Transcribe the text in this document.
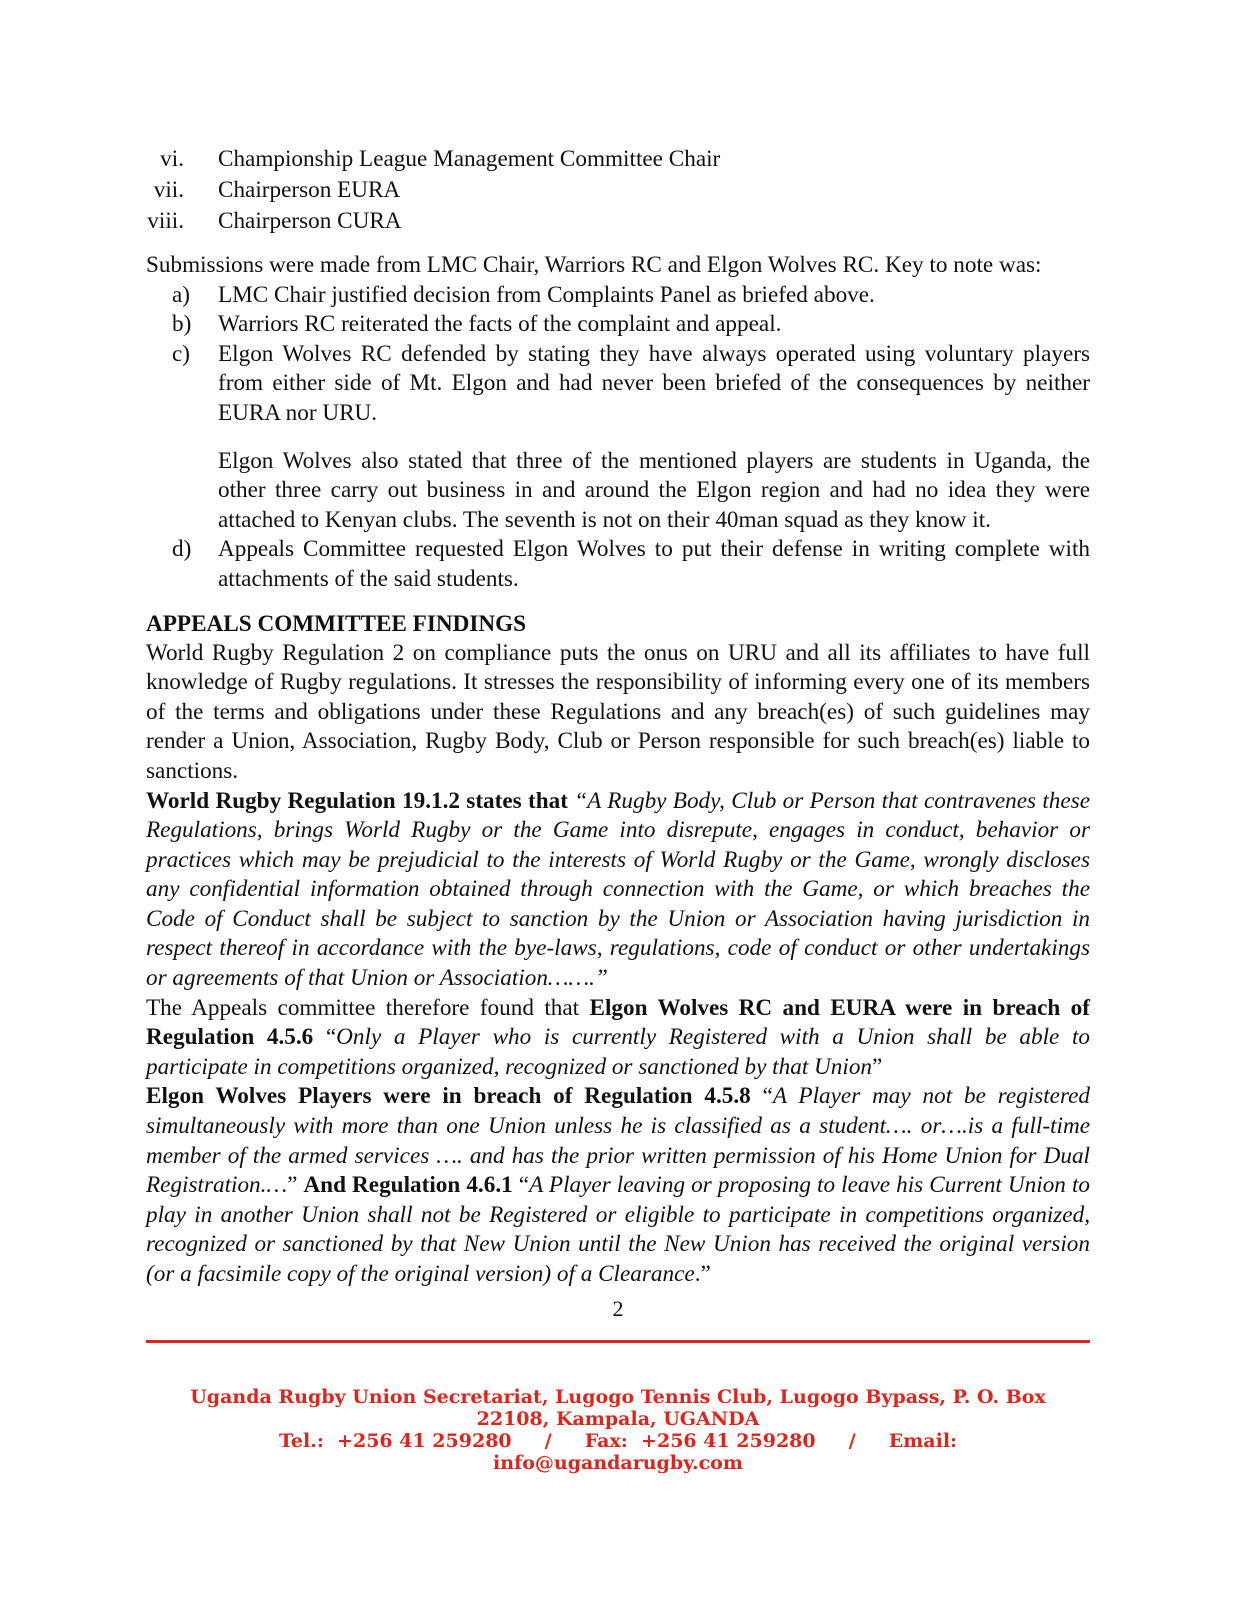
vi. Championship League Management Committee Chair
vii. Chairperson EURA
viii. Chairperson CURA

Submissions were made from LMC Chair, Warriors RC and Elgon Wolves RC. Key to note was:

a) LMC Chair justified decision from Complaints Panel as briefed above.
b) Warriors RC reiterated the facts of the complaint and appeal.
c) Elgon Wolves RC defended by stating they have always operated using voluntary players from either side of Mt. Elgon and had never been briefed of the consequences by neither EURA nor URU.
Elgon Wolves also stated that three of the mentioned players are students in Uganda, the other three carry out business in and around the Elgon region and had no idea they were attached to Kenyan clubs. The seventh is not on their 40man squad as they know it.
d) Appeals Committee requested Elgon Wolves to put their defense in writing complete with attachments of the said students.
APPEALS COMMITTEE FINDINGS

World Rugby Regulation 2 on compliance puts the onus on URU and all its affiliates to have full knowledge of Rugby regulations. It stresses the responsibility of informing every one of its members of the terms and obligations under these Regulations and any breach(es) of such guidelines may render a Union, Association, Rugby Body, Club or Person responsible for such breach(es) liable to sanctions.

World Rugby Regulation 19.1.2 states that “A Rugby Body, Club or Person that contravenes these Regulations, brings World Rugby or the Game into disrepute, engages in conduct, behavior or practices which may be prejudicial to the interests of World Rugby or the Game, wrongly discloses any confidential information obtained through connection with the Game, or which breaches the Code of Conduct shall be subject to sanction by the Union or Association having jurisdiction in respect thereof in accordance with the bye-laws, regulations, code of conduct or other undertakings or agreements of that Union or Association…….”

The Appeals committee therefore found that Elgon Wolves RC and EURA were in breach of Regulation 4.5.6 “Only a Player who is currently Registered with a Union shall be able to participate in competitions organized, recognized or sanctioned by that Union”

Elgon Wolves Players were in breach of Regulation 4.5.8 “A Player may not be registered simultaneously with more than one Union unless he is classified as a student…. or….is a full-time member of the armed services …. and has the prior written permission of his Home Union for Dual Registration.…” And Regulation 4.6.1 “A Player leaving or proposing to leave his Current Union to play in another Union shall not be Registered or eligible to participate in competitions organized, recognized or sanctioned by that New Union until the New Union has received the original version (or a facsimile copy of the original version) of a Clearance.”

2
Uganda Rugby Union Secretariat, Lugogo Tennis Club, Lugogo Bypass, P. O. Box 22108, Kampala, UGANDA
Tel.:  +256 41 259280     /     Fax:  +256 41 259280     /     Email:
info@ugandarugby.com
